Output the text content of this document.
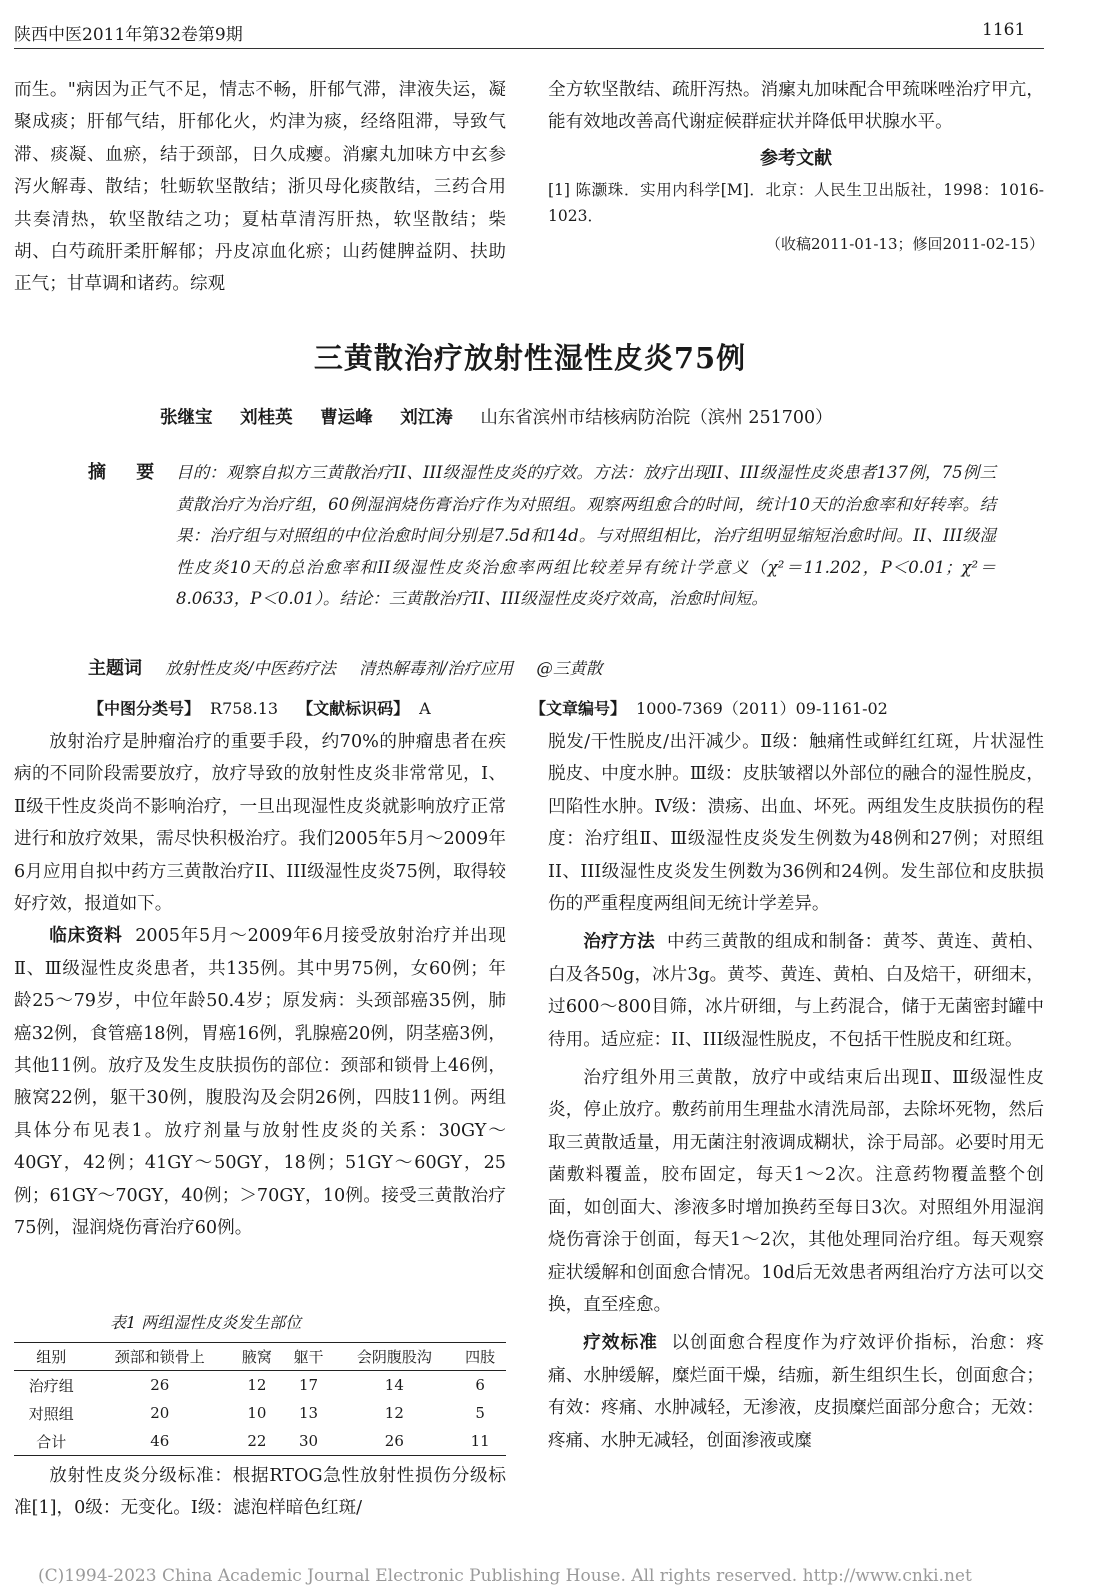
陕西中医2011年第32卷第9期	1161

而生。"病因为正气不足，情志不畅，肝郁气滞，津液失运，凝聚成痰；肝郁气结，肝郁化火，灼津为痰，经络阻滞，导致气滞、痰凝、血瘀，结于颈部，日久成瘿。消瘰丸加味方中玄参泻火解毒、散结；牡蛎软坚散结；浙贝母化痰散结，三药合用共奏清热，软坚散结之功；夏枯草清泻肝热，软坚散结；柴胡、白芍疏肝柔肝解郁；丹皮凉血化瘀；山药健脾益阴、扶助正气；甘草调和诸药。综观

全方软坚散结、疏肝泻热。消瘰丸加味配合甲巯咪唑治疗甲亢，能有效地改善高代谢症候群症状并降低甲状腺水平。

参考文献
[1] 陈灏珠．实用内科学[M]．北京：人民生卫出版社，1998：1016-1023．
（收稿2011-01-13；修回2011-02-15）
三黄散治疗放射性湿性皮炎75例
张继宝 刘桂英 曹运峰 刘江涛 山东省滨州市结核病防治院（滨州 251700）
摘 要 目的：观察自拟方三黄散治疗II、III级湿性皮炎的疗效。方法：放疗出现II、III级湿性皮炎患者137例，75例三黄散治疗为治疗组，60例湿润烧伤膏治疗作为对照组。观察两组愈合的时间，统计10天的治愈率和好转率。结果：治疗组与对照组的中位治愈时间分别是7.5d和14d。与对照组相比，治疗组明显缩短治愈时间。II、III级湿性皮炎10天的总治愈率和II级湿性皮炎治愈率两组比较差异有统计学意义（χ²＝11.202，P＜0.01；χ²＝8.0633，P＜0.01）。结论：三黄散治疗II、III级湿性皮炎疗效高，治愈时间短。
主题词 放射性皮炎/中医药疗法 清热解毒剂/治疗应用 @三黄散
【中图分类号】 R758.13 【文献标识码】 A	【文章编号】 1000-7369（2011）09-1161-02

放射治疗是肿瘤治疗的重要手段，约70%的肿瘤患者在疾病的不同阶段需要放疗，放疗导致的放射性皮炎非常常见，Ⅰ、Ⅱ级干性皮炎尚不影响治疗，一旦出现湿性皮炎就影响放疗正常进行和放疗效果，需尽快积极治疗。我们2005年5月～2009年6月应用自拟中药方三黄散治疗II、III级湿性皮炎75例，取得较好疗效，报道如下。

临床资料 2005年5月～2009年6月接受放射治疗并出现Ⅱ、Ⅲ级湿性皮炎患者，共135例。其中男75例，女60例；年龄25～79岁，中位年龄50.4岁；原发病：头颈部癌35例，肺癌32例，食管癌18例，胃癌16例，乳腺癌20例，阴茎癌3例，其他11例。放疗及发生皮肤损伤的部位：颈部和锁骨上46例，腋窝22例，躯干30例，腹股沟及会阴26例，四肢11例。两组具体分布见表1。放疗剂量与放射性皮炎的关系：30GY～40GY，42例；41GY～50GY，18例；51GY～60GY，25例；61GY～70GY，40例；＞70GY，10例。接受三黄散治疗75例，湿润烧伤膏治疗60例。

表1 两组湿性皮炎发生部位
组别	颈部和锁骨上	腋窝	躯干	会阴腹股沟	四肢
治疗组	26	12	17	14	6
对照组	20	10	13	12	5
合计	46	22	30	26	11

放射性皮炎分级标准：根据RTOG急性放射性损伤分级标准[1]，0级：无变化。Ⅰ级：滤泡样暗色红斑/

脱发/干性脱皮/出汗减少。Ⅱ级：触痛性或鲜红红斑，片状湿性脱皮、中度水肿。Ⅲ级：皮肤皱褶以外部位的融合的湿性脱皮，凹陷性水肿。Ⅳ级：溃疡、出血、坏死。两组发生皮肤损伤的程度：治疗组Ⅱ、Ⅲ级湿性皮炎发生例数为48例和27例；对照组II、III级湿性皮炎发生例数为36例和24例。发生部位和皮肤损伤的严重程度两组间无统计学差异。

治疗方法 中药三黄散的组成和制备：黄芩、黄连、黄柏、白及各50g，冰片3g。黄芩、黄连、黄柏、白及焙干，研细末，过600～800目筛，冰片研细，与上药混合，储于无菌密封罐中待用。适应症：II、III级湿性脱皮，不包括干性脱皮和红斑。

治疗组外用三黄散，放疗中或结束后出现Ⅱ、Ⅲ级湿性皮炎，停止放疗。敷药前用生理盐水清洗局部，去除坏死物，然后取三黄散适量，用无菌注射液调成糊状，涂于局部。必要时用无菌敷料覆盖，胶布固定，每天1～2次。注意药物覆盖整个创面，如创面大、渗液多时增加换药至每日3次。对照组外用湿润烧伤膏涂于创面，每天1～2次，其他处理同治疗组。每天观察症状缓解和创面愈合情况。10d后无效患者两组治疗方法可以交换，直至痊愈。

疗效标准 以创面愈合程度作为疗效评价指标，治愈：疼痛、水肿缓解，糜烂面干燥，结痂，新生组织生长，创面愈合；有效：疼痛、水肿减轻，无渗液，皮损糜烂面部分愈合；无效：疼痛、水肿无减轻，创面渗液或糜

(C)1994-2023 China Academic Journal Electronic Publishing House. All rights reserved. http://www.cnki.net
